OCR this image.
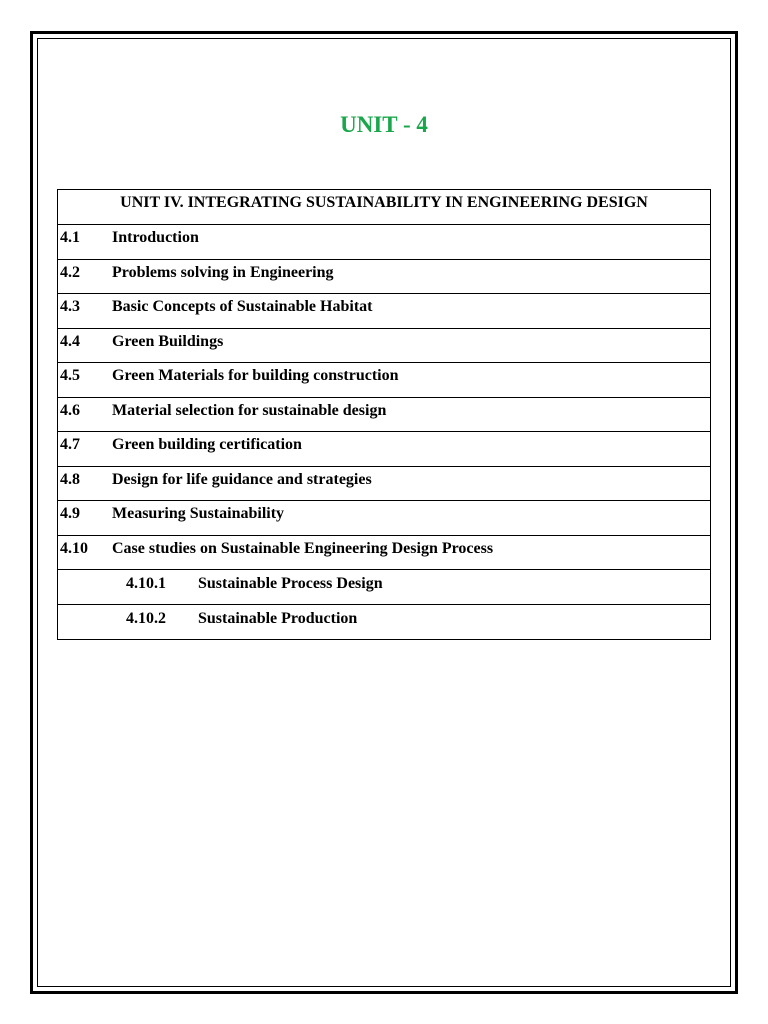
UNIT - 4
UNIT IV. INTEGRATING SUSTAINABILITY IN ENGINEERING DESIGN

4.1	Introduction

4.2	Problems solving in Engineering

4.3	Basic Concepts of Sustainable Habitat

4.4	Green Buildings

4.5	Green Materials for building construction

4.6	Material selection for sustainable design

4.7	Green building certification

4.8	Design for life guidance and strategies

4.9	Measuring Sustainability

4.10	Case studies on Sustainable Engineering Design Process

4.10.1	Sustainable Process Design

4.10.2	Sustainable Production
